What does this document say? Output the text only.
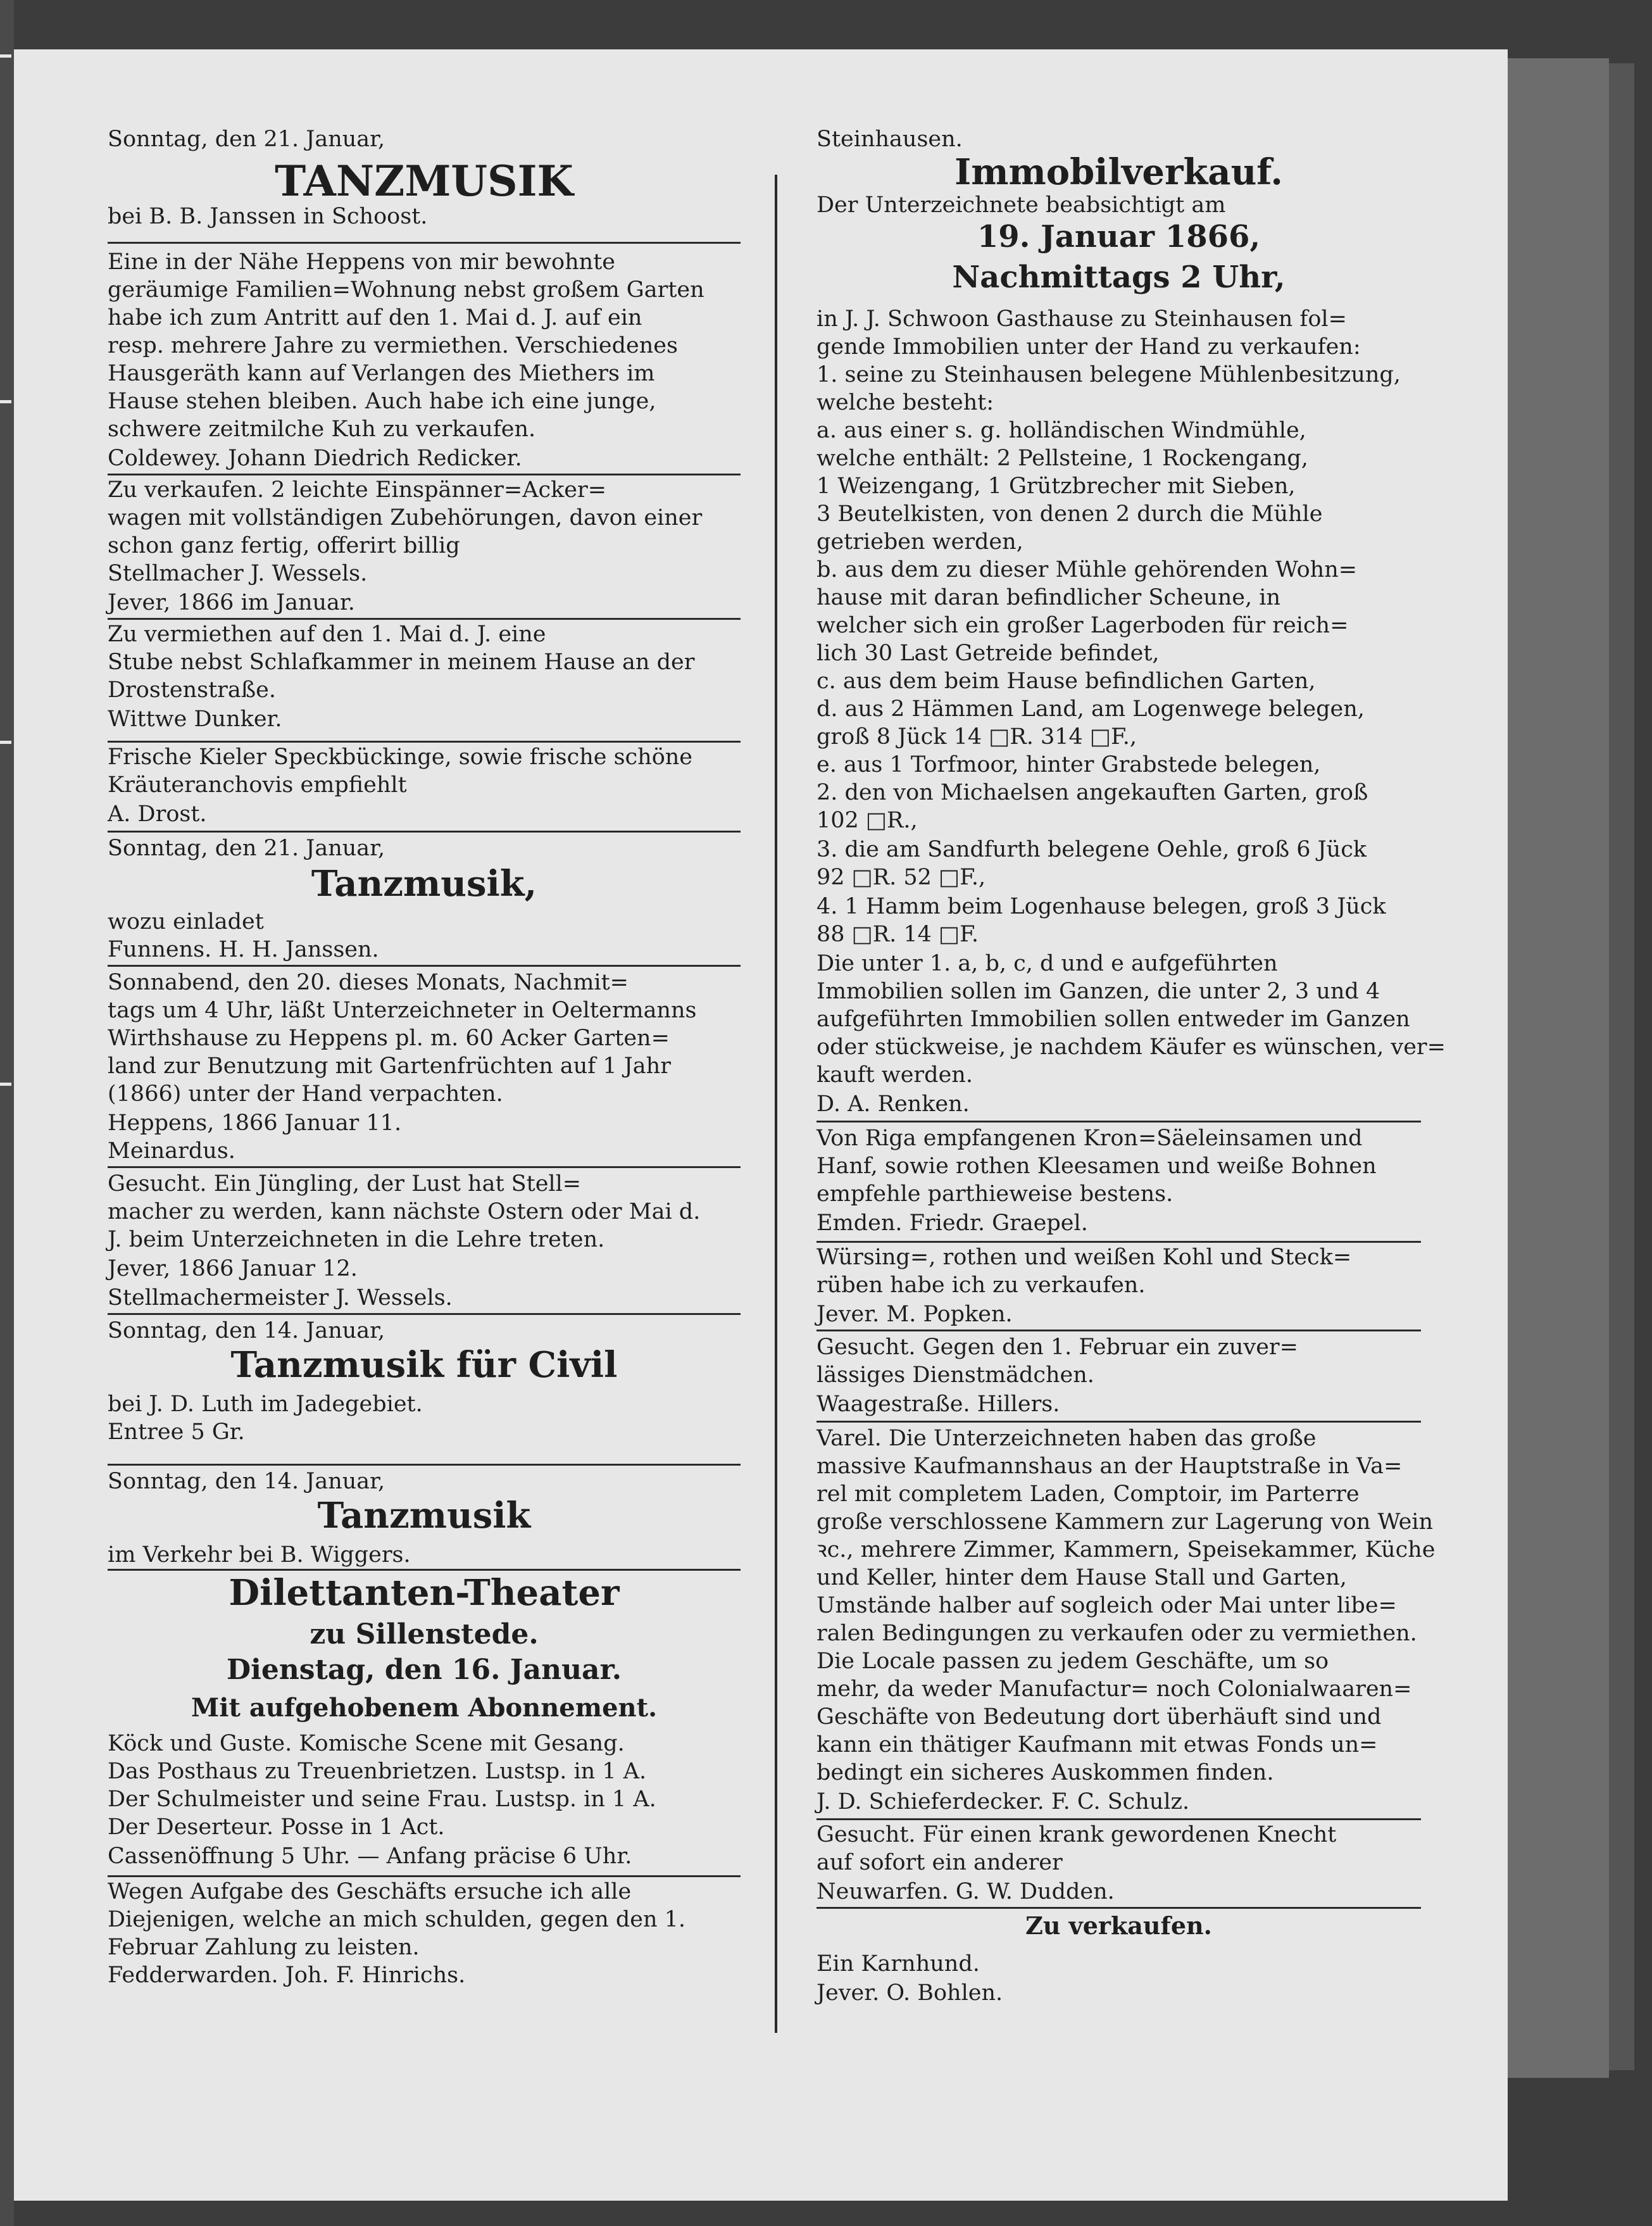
Sonntag, den 21. Januar,
TANZMUSIK
bei B. B. Janssen in Schoost.
Eine in der Nähe Heppens von mir bewohnte
geräumige Familien=Wohnung nebst großem Garten
habe ich zum Antritt auf den 1. Mai d. J. auf ein
resp. mehrere Jahre zu vermiethen. Verschiedenes
Hausgeräth kann auf Verlangen des Miethers im
Hause stehen bleiben. Auch habe ich eine junge,
schwere zeitmilche Kuh zu verkaufen.
Coldewey. Johann Diedrich Redicker.
Zu verkaufen. 2 leichte Einspänner=Acker=
wagen mit vollständigen Zubehörungen, davon einer
schon ganz fertig, offerirt billig
Stellmacher J. Wessels.
Jever, 1866 im Januar.
Zu vermiethen auf den 1. Mai d. J. eine
Stube nebst Schlafkammer in meinem Hause an der
Drostenstraße.
Wittwe Dunker.
Frische Kieler Speckbückinge, sowie frische schöne
Kräuteranchovis empfiehlt
A. Drost.
Sonntag, den 21. Januar,
Tanzmusik,
wozu einladet
Funnens. H. H. Janssen.
Sonnabend, den 20. dieses Monats, Nachmit=
tags um 4 Uhr, läßt Unterzeichneter in Oeltermanns
Wirthshause zu Heppens pl. m. 60 Acker Garten=
land zur Benutzung mit Gartenfrüchten auf 1 Jahr
(1866) unter der Hand verpachten.
Heppens, 1866 Januar 11.
Meinardus.
Gesucht. Ein Jüngling, der Lust hat Stell=
macher zu werden, kann nächste Ostern oder Mai d.
J. beim Unterzeichneten in die Lehre treten.
Jever, 1866 Januar 12.
Stellmachermeister J. Wessels.
Sonntag, den 14. Januar,
Tanzmusik für Civil
bei J. D. Luth im Jadegebiet.
Entree 5 Gr.
Sonntag, den 14. Januar,
Tanzmusik
im Verkehr bei B. Wiggers.
Dilettanten-Theater
zu Sillenstede.
Dienstag, den 16. Januar.
Mit aufgehobenem Abonnement.
Köck und Guste. Komische Scene mit Gesang.
Das Posthaus zu Treuenbrietzen. Lustsp. in 1 A.
Der Schulmeister und seine Frau. Lustsp. in 1 A.
Der Deserteur. Posse in 1 Act.
Cassenöffnung 5 Uhr. — Anfang präcise 6 Uhr.
Wegen Aufgabe des Geschäfts ersuche ich alle
Diejenigen, welche an mich schulden, gegen den 1.
Februar Zahlung zu leisten.
Fedderwarden. Joh. F. Hinrichs.
Steinhausen.
Immobilverkauf.
Der Unterzeichnete beabsichtigt am
19. Januar 1866,
Nachmittags 2 Uhr,
in J. J. Schwoon Gasthause zu Steinhausen fol=
gende Immobilien unter der Hand zu verkaufen:
1. seine zu Steinhausen belegene Mühlenbesitzung,
welche besteht:
a. aus einer s. g. holländischen Windmühle,
welche enthält: 2 Pellsteine, 1 Rockengang,
1 Weizengang, 1 Grützbrecher mit Sieben,
3 Beutelkisten, von denen 2 durch die Mühle
getrieben werden,
b. aus dem zu dieser Mühle gehörenden Wohn=
hause mit daran befindlicher Scheune, in
welcher sich ein großer Lagerboden für reich=
lich 30 Last Getreide befindet,
c. aus dem beim Hause befindlichen Garten,
d. aus 2 Hämmen Land, am Logenwege belegen,
groß 8 Jück 14 □R. 314 □F.,
e. aus 1 Torfmoor, hinter Grabstede belegen,
2. den von Michaelsen angekauften Garten, groß
102 □R.,
3. die am Sandfurth belegene Oehle, groß 6 Jück
92 □R. 52 □F.,
4. 1 Hamm beim Logenhause belegen, groß 3 Jück
88 □R. 14 □F.
Die unter 1. a, b, c, d und e aufgeführten
Immobilien sollen im Ganzen, die unter 2, 3 und 4
aufgeführten Immobilien sollen entweder im Ganzen
oder stückweise, je nachdem Käufer es wünschen, ver=
kauft werden.
D. A. Renken.
Von Riga empfangenen Kron=Säeleinsamen und
Hanf, sowie rothen Kleesamen und weiße Bohnen
empfehle parthieweise bestens.
Emden. Friedr. Graepel.
Würsing=, rothen und weißen Kohl und Steck=
rüben habe ich zu verkaufen.
Jever. M. Popken.
Gesucht. Gegen den 1. Februar ein zuver=
lässiges Dienstmädchen.
Waagestraße. Hillers.
Varel. Die Unterzeichneten haben das große
massive Kaufmannshaus an der Hauptstraße in Va=
rel mit completem Laden, Comptoir, im Parterre
große verschlossene Kammern zur Lagerung von Wein
ꝛc., mehrere Zimmer, Kammern, Speisekammer, Küche
und Keller, hinter dem Hause Stall und Garten,
Umstände halber auf sogleich oder Mai unter libe=
ralen Bedingungen zu verkaufen oder zu vermiethen.
Die Locale passen zu jedem Geschäfte, um so
mehr, da weder Manufactur= noch Colonialwaaren=
Geschäfte von Bedeutung dort überhäuft sind und
kann ein thätiger Kaufmann mit etwas Fonds un=
bedingt ein sicheres Auskommen finden.
J. D. Schieferdecker. F. C. Schulz.
Gesucht. Für einen krank gewordenen Knecht
auf sofort ein anderer
Neuwarfen. G. W. Dudden.
Zu verkaufen.
Ein Karnhund.
Jever. O. Bohlen.
